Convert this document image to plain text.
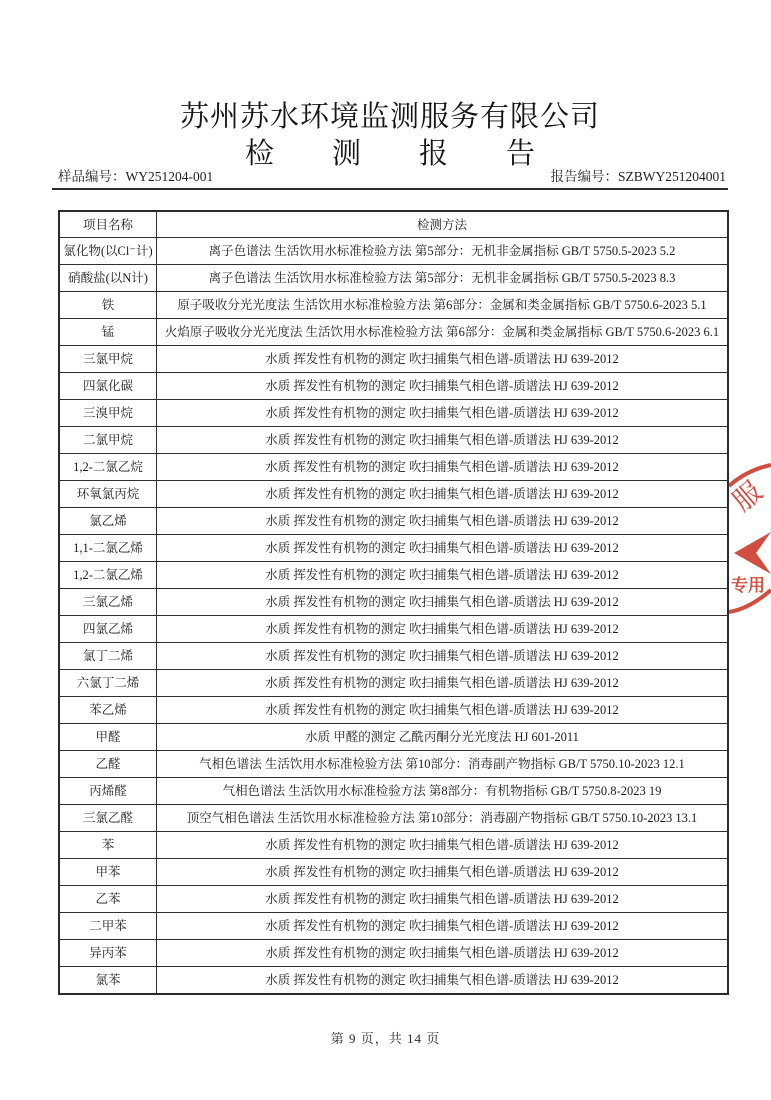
苏州苏水环境监测服务有限公司
检　　测　　报　　告
样品编号：WY251204-001	报告编号：SZBWY251204001
项目名称	检测方法
氯化物(以Cl⁻计)	离子色谱法 生活饮用水标准检验方法 第5部分：无机非金属指标 GB/T 5750.5-2023 5.2
硝酸盐(以N计)	离子色谱法 生活饮用水标准检验方法 第5部分：无机非金属指标 GB/T 5750.5-2023 8.3
铁	原子吸收分光光度法 生活饮用水标准检验方法 第6部分：金属和类金属指标 GB/T 5750.6-2023 5.1
锰	火焰原子吸收分光光度法 生活饮用水标准检验方法 第6部分：金属和类金属指标 GB/T 5750.6-2023 6.1
三氯甲烷	水质 挥发性有机物的测定 吹扫捕集气相色谱-质谱法 HJ 639-2012
四氯化碳	水质 挥发性有机物的测定 吹扫捕集气相色谱-质谱法 HJ 639-2012
三溴甲烷	水质 挥发性有机物的测定 吹扫捕集气相色谱-质谱法 HJ 639-2012
二氯甲烷	水质 挥发性有机物的测定 吹扫捕集气相色谱-质谱法 HJ 639-2012
1,2-二氯乙烷	水质 挥发性有机物的测定 吹扫捕集气相色谱-质谱法 HJ 639-2012
环氧氯丙烷	水质 挥发性有机物的测定 吹扫捕集气相色谱-质谱法 HJ 639-2012
氯乙烯	水质 挥发性有机物的测定 吹扫捕集气相色谱-质谱法 HJ 639-2012
1,1-二氯乙烯	水质 挥发性有机物的测定 吹扫捕集气相色谱-质谱法 HJ 639-2012
1,2-二氯乙烯	水质 挥发性有机物的测定 吹扫捕集气相色谱-质谱法 HJ 639-2012
三氯乙烯	水质 挥发性有机物的测定 吹扫捕集气相色谱-质谱法 HJ 639-2012
四氯乙烯	水质 挥发性有机物的测定 吹扫捕集气相色谱-质谱法 HJ 639-2012
氯丁二烯	水质 挥发性有机物的测定 吹扫捕集气相色谱-质谱法 HJ 639-2012
六氯丁二烯	水质 挥发性有机物的测定 吹扫捕集气相色谱-质谱法 HJ 639-2012
苯乙烯	水质 挥发性有机物的测定 吹扫捕集气相色谱-质谱法 HJ 639-2012
甲醛	水质 甲醛的测定 乙酰丙酮分光光度法 HJ 601-2011
乙醛	气相色谱法 生活饮用水标准检验方法 第10部分：消毒副产物指标 GB/T 5750.10-2023 12.1
丙烯醛	气相色谱法 生活饮用水标准检验方法 第8部分：有机物指标 GB/T 5750.8-2023 19
三氯乙醛	顶空气相色谱法 生活饮用水标准检验方法 第10部分：消毒副产物指标 GB/T 5750.10-2023 13.1
苯	水质 挥发性有机物的测定 吹扫捕集气相色谱-质谱法 HJ 639-2012
甲苯	水质 挥发性有机物的测定 吹扫捕集气相色谱-质谱法 HJ 639-2012
乙苯	水质 挥发性有机物的测定 吹扫捕集气相色谱-质谱法 HJ 639-2012
二甲苯	水质 挥发性有机物的测定 吹扫捕集气相色谱-质谱法 HJ 639-2012
异丙苯	水质 挥发性有机物的测定 吹扫捕集气相色谱-质谱法 HJ 639-2012
氯苯	水质 挥发性有机物的测定 吹扫捕集气相色谱-质谱法 HJ 639-2012
第 9 页，共 14 页
服
专用
